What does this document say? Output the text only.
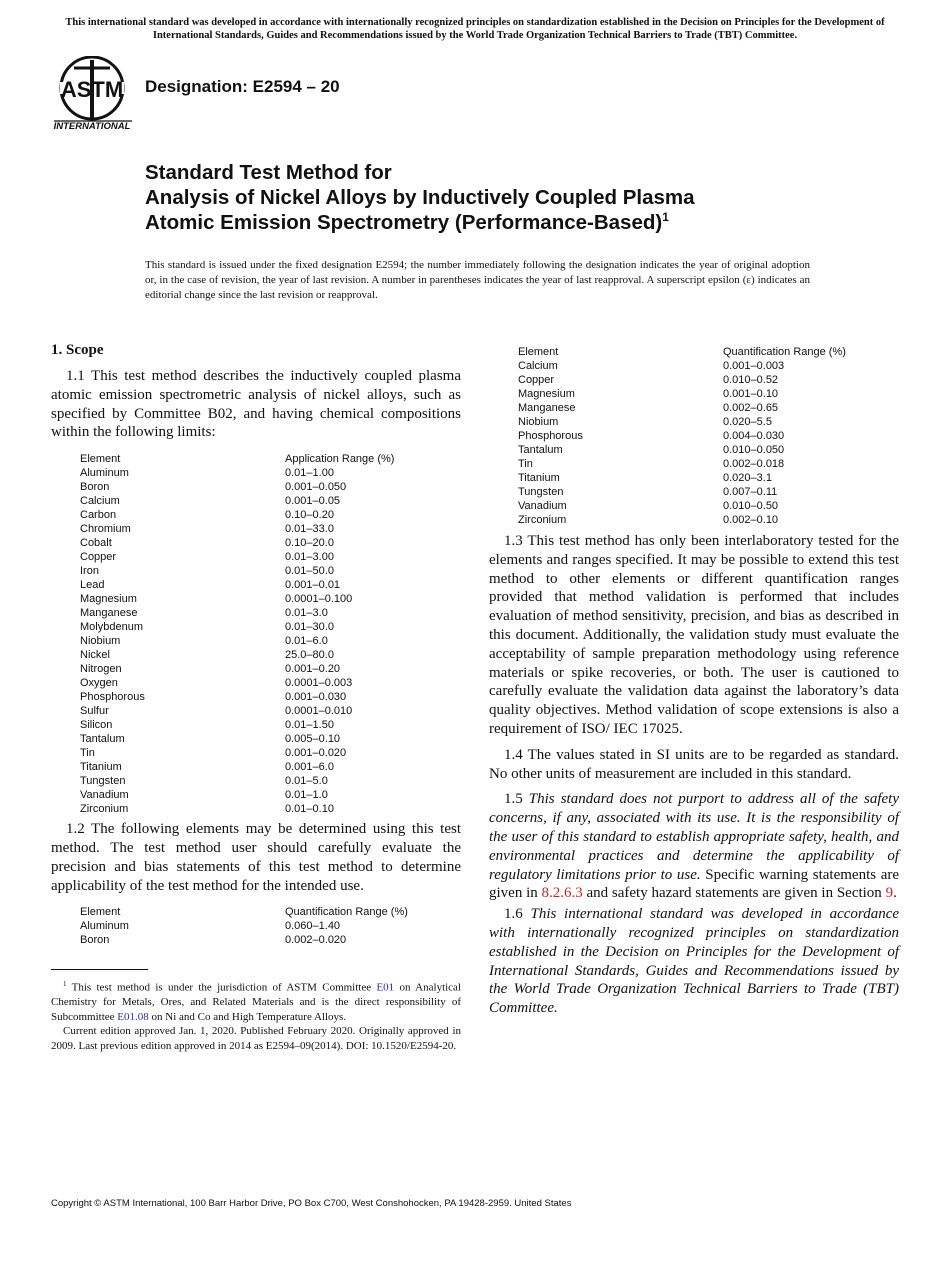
This international standard was developed in accordance with internationally recognized principles on standardization established in the Decision on Principles for the Development of International Standards, Guides and Recommendations issued by the World Trade Organization Technical Barriers to Trade (TBT) Committee.
ASTM
INTERNATIONAL
Designation: E2594 – 20
Standard Test Method for
Analysis of Nickel Alloys by Inductively Coupled Plasma
Atomic Emission Spectrometry (Performance-Based)$^1$
This standard is issued under the fixed designation E2594; the number immediately following the designation indicates the year of original adoption or, in the case of revision, the year of last revision. A number in parentheses indicates the year of last reapproval. A superscript epsilon (ε) indicates an editorial change since the last revision or reapproval.
1. Scope

1.1 This test method describes the inductively coupled plasma atomic emission spectrometric analysis of nickel alloys, such as specified by Committee B02, and having chemical compositions within the following limits:

Element	Application Range (%)
Aluminum	0.01–1.00
Boron	0.001–0.050
Calcium	0.001–0.05
Carbon	0.10–0.20
Chromium	0.01–33.0
Cobalt	0.10–20.0
Copper	0.01–3.00
Iron	0.01–50.0
Lead	0.001–0.01
Magnesium	0.0001–0.100
Manganese	0.01–3.0
Molybdenum	0.01–30.0
Niobium	0.01–6.0
Nickel	25.0–80.0
Nitrogen	0.001–0.20
Oxygen	0.0001–0.003
Phosphorous	0.001–0.030
Sulfur	0.0001–0.010
Silicon	0.01–1.50
Tantalum	0.005–0.10
Tin	0.001–0.020
Titanium	0.001–6.0
Tungsten	0.01–5.0
Vanadium	0.01–1.0
Zirconium	0.01–0.10

1.2 The following elements may be determined using this test method. The test method user should carefully evaluate the precision and bias statements of this test method to determine applicability of the test method for the intended use.

Element	Quantification Range (%)
Aluminum	0.060–1.40
Boron	0.002–0.020
Element	Quantification Range (%)
Calcium	0.001–0.003
Copper	0.010–0.52
Magnesium	0.001–0.10
Manganese	0.002–0.65
Niobium	0.020–5.5
Phosphorous	0.004–0.030
Tantalum	0.010–0.050
Tin	0.002–0.018
Titanium	0.020–3.1
Tungsten	0.007–0.11
Vanadium	0.010–0.50
Zirconium	0.002–0.10

1.3 This test method has only been interlaboratory tested for the elements and ranges specified. It may be possible to extend this test method to other elements or different quantification ranges provided that method validation is performed that includes evaluation of method sensitivity, precision, and bias as described in this document. Additionally, the validation study must evaluate the acceptability of sample preparation methodology using reference materials or spike recoveries, or both. The user is cautioned to carefully evaluate the validation data against the laboratory’s data quality objectives. Method validation of scope extensions is also a requirement of ISO/ IEC 17025.

1.4 The values stated in SI units are to be regarded as standard. No other units of measurement are included in this standard.

1.5 This standard does not purport to address all of the safety concerns, if any, associated with its use. It is the responsibility of the user of this standard to establish appropriate safety, health, and environmental practices and determine the applicability of regulatory limitations prior to use. Specific warning statements are given in 8.2.6.3 and safety hazard statements are given in Section 9.

1.6 This international standard was developed in accordance with internationally recognized principles on standardization established in the Decision on Principles for the Development of International Standards, Guides and Recommendations issued by the World Trade Organization Technical Barriers to Trade (TBT) Committee.

$^1$ This test method is under the jurisdiction of ASTM Committee E01 on Analytical Chemistry for Metals, Ores, and Related Materials and is the direct responsibility of Subcommittee E01.08 on Ni and Co and High Temperature Alloys.

Current edition approved Jan. 1, 2020. Published February 2020. Originally approved in 2009. Last previous edition approved in 2014 as E2594–09(2014). DOI: 10.1520/E2594-20.

Copyright © ASTM International, 100 Barr Harbor Drive, PO Box C700, West Conshohocken, PA 19428-2959. United States
